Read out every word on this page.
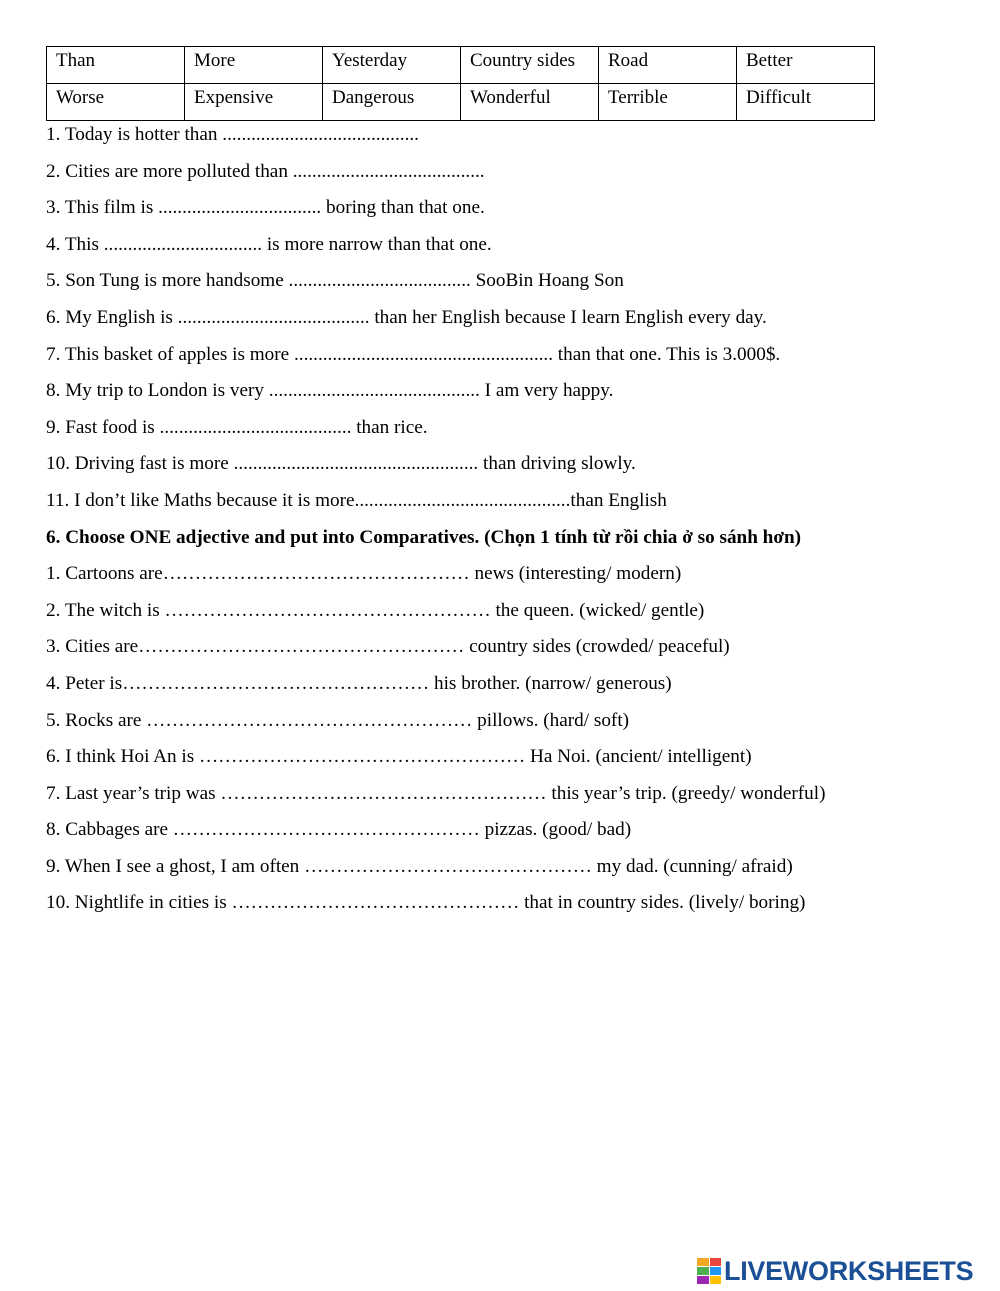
Than	More	Yesterday	Country sides	Road	Better
Worse	Expensive	Dangerous	Wonderful	Terrible	Difficult
1. Today is hotter than .........................................
2. Cities are more polluted than ........................................
3. This film is .................................. boring than that one.
4. This ................................. is more narrow than that one.
5. Son Tung is more handsome ...................................... SooBin Hoang Son
6. My English is ........................................ than her English because I learn English every day.
7. This basket of apples is more ...................................................... than that one. This is 3.000$.
8. My trip to London is very ............................................ I am very happy.
9. Fast food is ........................................ than rice.
10. Driving fast is more ................................................... than driving slowly.
11. I don’t like Maths because it is more.............................................than English
6. Choose ONE adjective and put into Comparatives. (Chọn 1 tính từ rồi chia ở so sánh hơn)
1. Cartoons are………………………………………… news (interesting/ modern)
2. The witch is …………………………………………… the queen. (wicked/ gentle)
3. Cities are…………………………………………… country sides (crowded/ peaceful)
4. Peter is………………………………………… his brother. (narrow/ generous)
5. Rocks are …………………………………………… pillows. (hard/ soft)
6. I think Hoi An is …………………………………………… Ha Noi. (ancient/ intelligent)
7. Last year’s trip was …………………………………………… this year’s trip. (greedy/ wonderful)
8. Cabbages are ………………………………………… pizzas. (good/ bad)
9. When I see a ghost, I am often ……………………………………… my dad. (cunning/ afraid)
10. Nightlife in cities is ……………………………………… that in country sides. (lively/ boring)
LIVEWORKSHEETS
